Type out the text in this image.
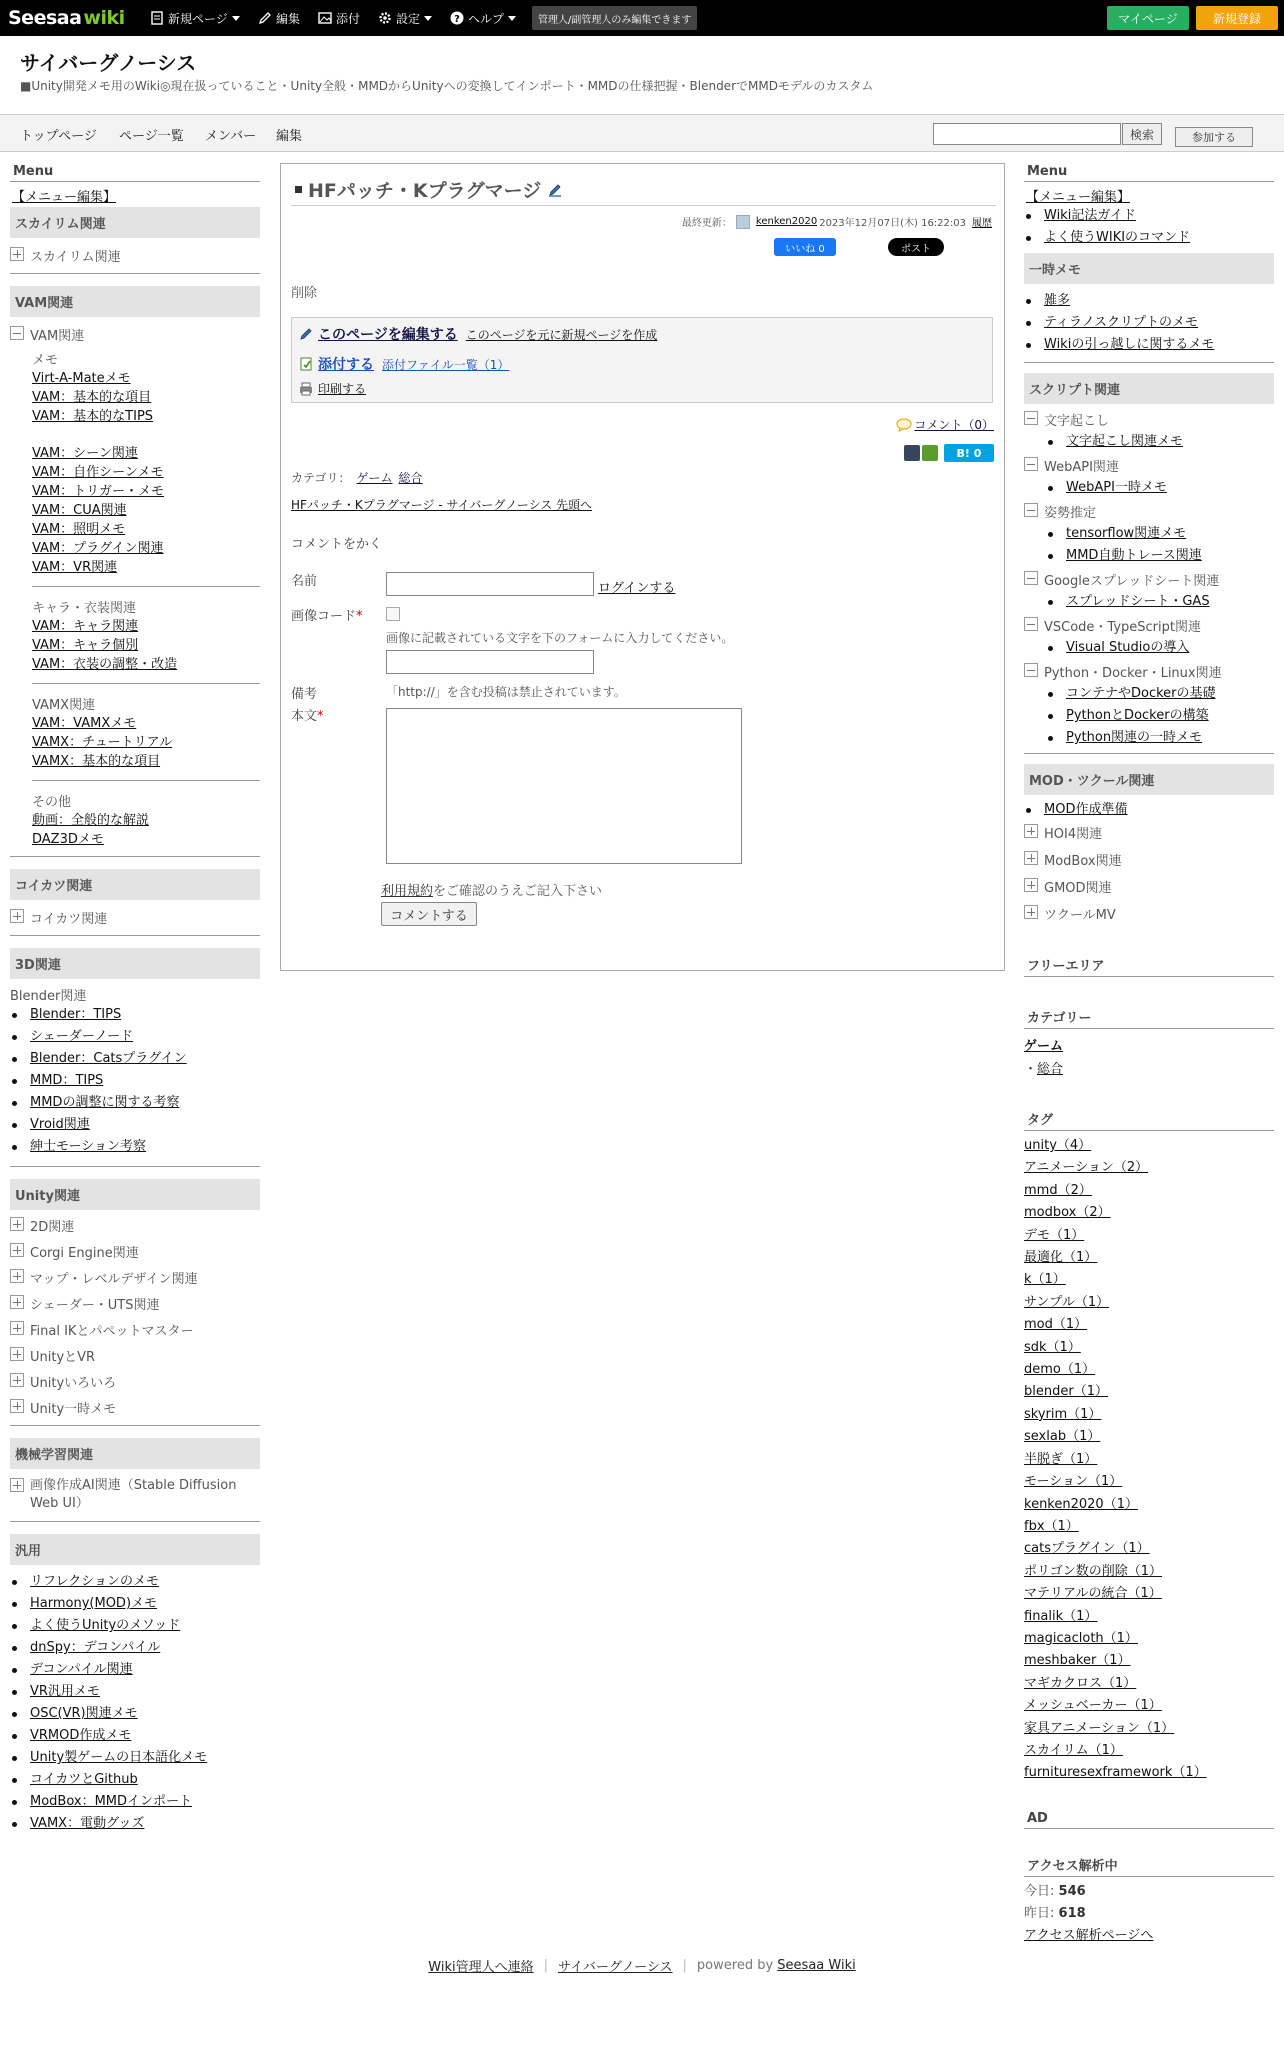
Seesaa wiki	新規ページ	編集	添付	設定	? ヘルプ	管理人/副管理人のみ編集できます	マイページ	新規登録
サイバーグノーシス
■Unity開発メモ用のWiki◎現在扱っていること・Unity全般・MMDからUnityへの変換してインポート・MMDの仕様把握・BlenderでMMDモデルのカスタム
トップページ ページ一覧 メンバー 編集	検索	参加する
Menu
【メニュー編集】
スカイリム関連
スカイリム関連
VAM関連
VAM関連
メモ
Virt-A-Mateメモ
VAM：基本的な項目
VAM：基本的なTIPS
VAM：シーン関連
VAM：自作シーンメモ
VAM：トリガー・メモ
VAM：CUA関連
VAM：照明メモ
VAM：プラグイン関連
VAM：VR関連
キャラ・衣装関連
VAM：キャラ関連
VAM：キャラ個別
VAM：衣装の調整・改造
VAMX関連
VAM：VAMXメモ
VAMX：チュートリアル
VAMX：基本的な項目
その他
動画：全般的な解説
DAZ3Dメモ
コイカツ関連
コイカツ関連
3D関連
Blender関連
Blender：TIPS
シェーダーノード
Blender：Catsプラグイン
MMD：TIPS
MMDの調整に関する考察
Vroid関連
紳士モーション考察
Unity関連
2D関連
Corgi Engine関連
マップ・レベルデザイン関連
シェーダー・UTS関連
Final IKとパペットマスター
UnityとVR
Unityいろいろ
Unity一時メモ
機械学習関連
画像作成AI関連（Stable Diffusion
Web UI）
汎用
リフレクションのメモ
Harmony(MOD)メモ
よく使うUnityのメソッド
dnSpy：デコンパイル
デコンパイル関連
VR汎用メモ
OSC(VR)関連メモ
VRMOD作成メモ
Unity製ゲームの日本語化メモ
コイカツとGithub
ModBox：MMDインポート
VAMX：電動グッズ
HFパッチ・Kプラグマージ
最終更新： kenken2020 2023年12月07日(木) 16:22:03 履歴
いいね 0	ポスト
削除
このページを編集する このページを元に新規ページを作成
添付する 添付ファイル一覧（1）
印刷する
コメント（0）
B! 0
カテゴリ： ゲーム 総合
HFパッチ・Kプラグマージ - サイバーグノーシス 先頭へ
コメントをかく
名前	ログインする
画像コード*
画像に記載されている文字を下のフォームに入力してください。
備考	「http://」を含む投稿は禁止されています。
本文*
利用規約をご確認のうえご記入下さい
コメントする
Menu
【メニュー編集】
Wiki記法ガイド
よく使うWIKIのコマンド
一時メモ
雑多
ティラノスクリプトのメモ
Wikiの引っ越しに関するメモ
スクリプト関連
文字起こし
文字起こし関連メモ
WebAPI関連
WebAPI一時メモ
姿勢推定
tensorflow関連メモ
MMD自動トレース関連
Googleスプレッドシート関連
スプレッドシート・GAS
VSCode・TypeScript関連
Visual Studioの導入
Python・Docker・Linux関連
コンテナやDockerの基礎
PythonとDockerの構築
Python関連の一時メモ
MOD・ツクール関連
MOD作成準備
HOI4関連
ModBox関連
GMOD関連
ツクールMV
フリーエリア
カテゴリー
ゲーム
・総合
タグ
unity（4）
アニメーション（2）
mmd（2）
modbox（2）
デモ（1）
最適化（1）
k（1）
サンプル（1）
mod（1）
sdk（1）
demo（1）
blender（1）
skyrim（1）
sexlab（1）
半脱ぎ（1）
モーション（1）
kenken2020（1）
fbx（1）
catsプラグイン（1）
ポリゴン数の削除（1）
マテリアルの統合（1）
finalik（1）
magicacloth（1）
meshbaker（1）
マギカクロス（1）
メッシュベーカー（1）
家具アニメーション（1）
スカイリム（1）
furnituresexframework（1）
AD
アクセス解析中
今日: 546
昨日: 618
アクセス解析ページへ
Wiki管理人へ連絡 | サイバーグノーシス | powered by Seesaa Wiki
